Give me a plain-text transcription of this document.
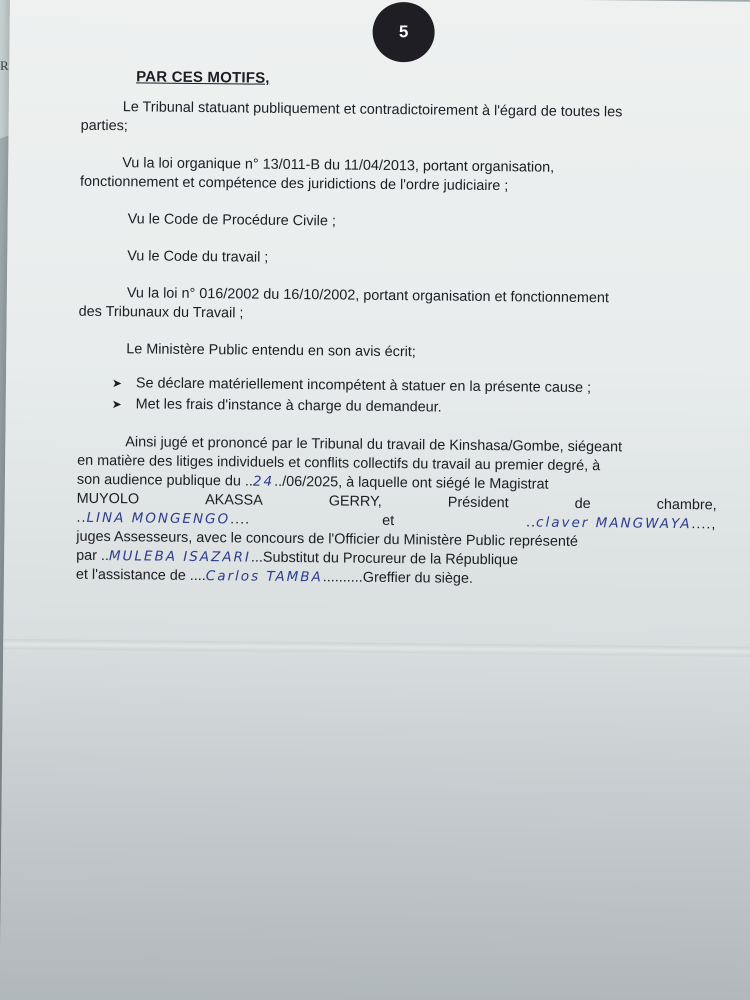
R
5
PAR CES MOTIFS,

Le Tribunal statuant publiquement et contradictoirement à l'égard de toutes les

parties;

Vu la loi organique n° 13/011-B du 11/04/2013, portant organisation,

fonctionnement et compétence des juridictions de l'ordre judiciaire ;

Vu le Code de Procédure Civile ;

Vu le Code du travail ;

Vu la loi n° 016/2002 du 16/10/2002, portant organisation et fonctionnement

des Tribunaux du Travail ;

Le Ministère Public entendu en son avis écrit;

➤ Se déclare matériellement incompétent à statuer en la présente cause ;
➤ Met les frais d'instance à charge du demandeur.

Ainsi jugé et prononcé par le Tribunal du travail de Kinshasa/Gombe, siégeant

en matière des litiges individuels et conflits collectifs du travail au premier degré, à

son audience publique du ..24../06/2025, à laquelle ont siégé le Magistrat

MUYOLO	AKASSA	GERRY,	Président	de	chambre,
..LINA MONGENGO....	et	..claver MANGWAYA....,

juges Assesseurs, avec le concours de l'Officier du Ministère Public représenté

par ..MULEBA ISAZARI...Substitut du Procureur de la République

et l'assistance de ....Carlos TAMBA..........Greffier du siège.
